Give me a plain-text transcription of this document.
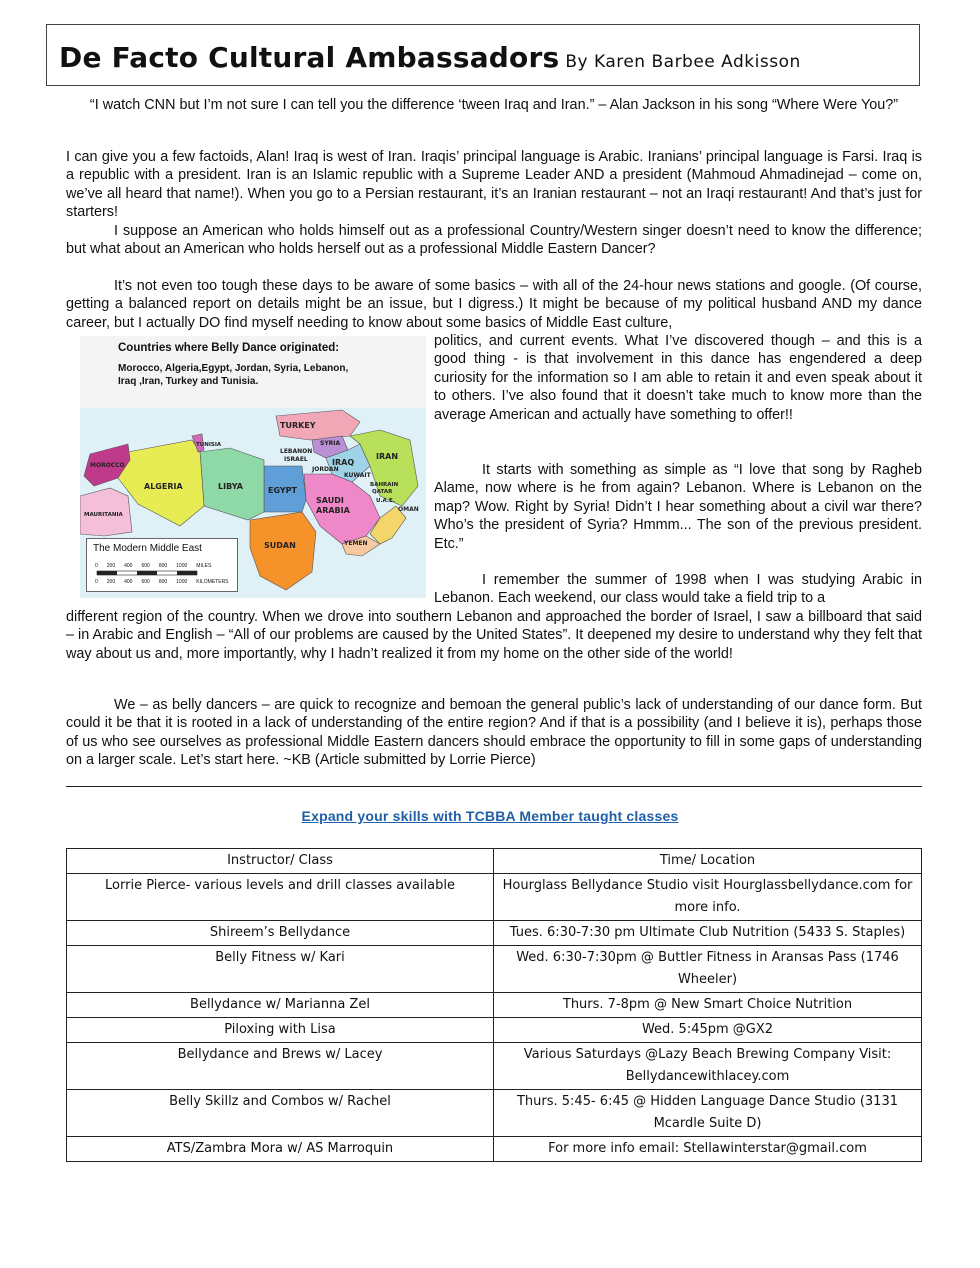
De Facto Cultural Ambassadors By Karen Barbee Adkisson
“I watch CNN but I’m not sure I can tell you the difference ‘tween Iraq and Iran.” – Alan Jackson in his song “Where Were You?”
I can give you a few factoids, Alan! Iraq is west of Iran. Iraqis’ principal language is Arabic. Iranians’ principal language is Farsi. Iraq is a republic with a president. Iran is an Islamic republic with a Supreme Leader AND a president (Mahmoud Ahmadinejad – come on, we’ve all heard that name!). When you go to a Persian restaurant, it’s an Iranian restaurant – not an Iraqi restaurant! And that’s just for starters!
I suppose an American who holds himself out as a professional Country/Western singer doesn’t need to know the difference; but what about an American who holds herself out as a professional Middle Eastern Dancer?
It’s not even too tough these days to be aware of some basics – with all of the 24-hour news stations and google. (Of course, getting a balanced report on details might be an issue, but I digress.) It might be because of my political husband AND my dance career, but I actually DO find myself needing to know about some basics of Middle East culture,
politics, and current events. What I’ve discovered though – and this is a good thing - is that involvement in this dance has engendered a deep curiosity for the information so I am able to retain it and even speak about it to others. I’ve also found that it doesn’t take much to know more than the average American and actually have something to offer!!
It starts with something as simple as “I love that song by Ragheb Alame, now where is he from again? Lebanon. Where is Lebanon on the map? Wow. Right by Syria! Didn’t I hear something about a civil war there? Who’s the president of Syria? Hmmm... The son of the previous president. Etc.”
I remember the summer of 1998 when I was studying Arabic in Lebanon. Each weekend, our class would take a field trip to a
different region of the country. When we drove into southern Lebanon and approached the border of Israel, I saw a billboard that said – in Arabic and English – “All of our problems are caused by the United States”. It deepened my desire to understand why they felt that way about us and, more importantly, why I hadn’t realized it from my home on the other side of the world!
We – as belly dancers – are quick to recognize and bemoan the general public’s lack of understanding of our dance form. But could it be that it is rooted in a lack of understanding of the entire region? And if that is a possibility (and I believe it is), perhaps those of us who see ourselves as professional Middle Eastern dancers should embrace the opportunity to fill in some gaps of understanding on a larger scale. Let’s start here. ~KB (Article submitted by Lorrie Pierce)
Countries where Belly Dance originated:
Morocco, Algeria,Egypt, Jordan, Syria, Lebanon, Iraq ,Iran, Turkey and Tunisia.
TURKEY
SYRIA
LEBANON
ISRAEL	IRAQ
IRAN
KUWAIT
JORDAN
BAHRAIN
QATAR
U.A.E.
OMAN
SAUDI ARABIA
YEMEN
EGYPT
LIBYA
SUDAN
ALGERIA
TUNISIA
MOROCCO
MAURITANIA
The Modern Middle East
0 200 400 600 800 1000 MILES
0 200 400 600 800 1000 KILOMETERS
Expand your skills with TCBBA Member taught classes
Instructor/ Class	Time/ Location
Lorrie Pierce- various levels and drill classes available	Hourglass Bellydance Studio visit Hourglassbellydance.com for more info.
Shireem’s Bellydance	Tues. 6:30-7:30 pm Ultimate Club Nutrition (5433 S. Staples)
Belly Fitness w/ Kari	Wed. 6:30-7:30pm @ Buttler Fitness in Aransas Pass (1746 Wheeler)
Bellydance w/ Marianna Zel	Thurs. 7-8pm @ New Smart Choice Nutrition
Piloxing with Lisa	Wed. 5:45pm @GX2
Bellydance and Brews w/ Lacey	Various Saturdays @Lazy Beach Brewing Company Visit: Bellydancewithlacey.com
Belly Skillz and Combos w/ Rachel	Thurs. 5:45- 6:45 @ Hidden Language Dance Studio (3131 Mcardle Suite D)
ATS/Zambra Mora w/ AS Marroquin	For more info email: Stellawinterstar@gmail.com
